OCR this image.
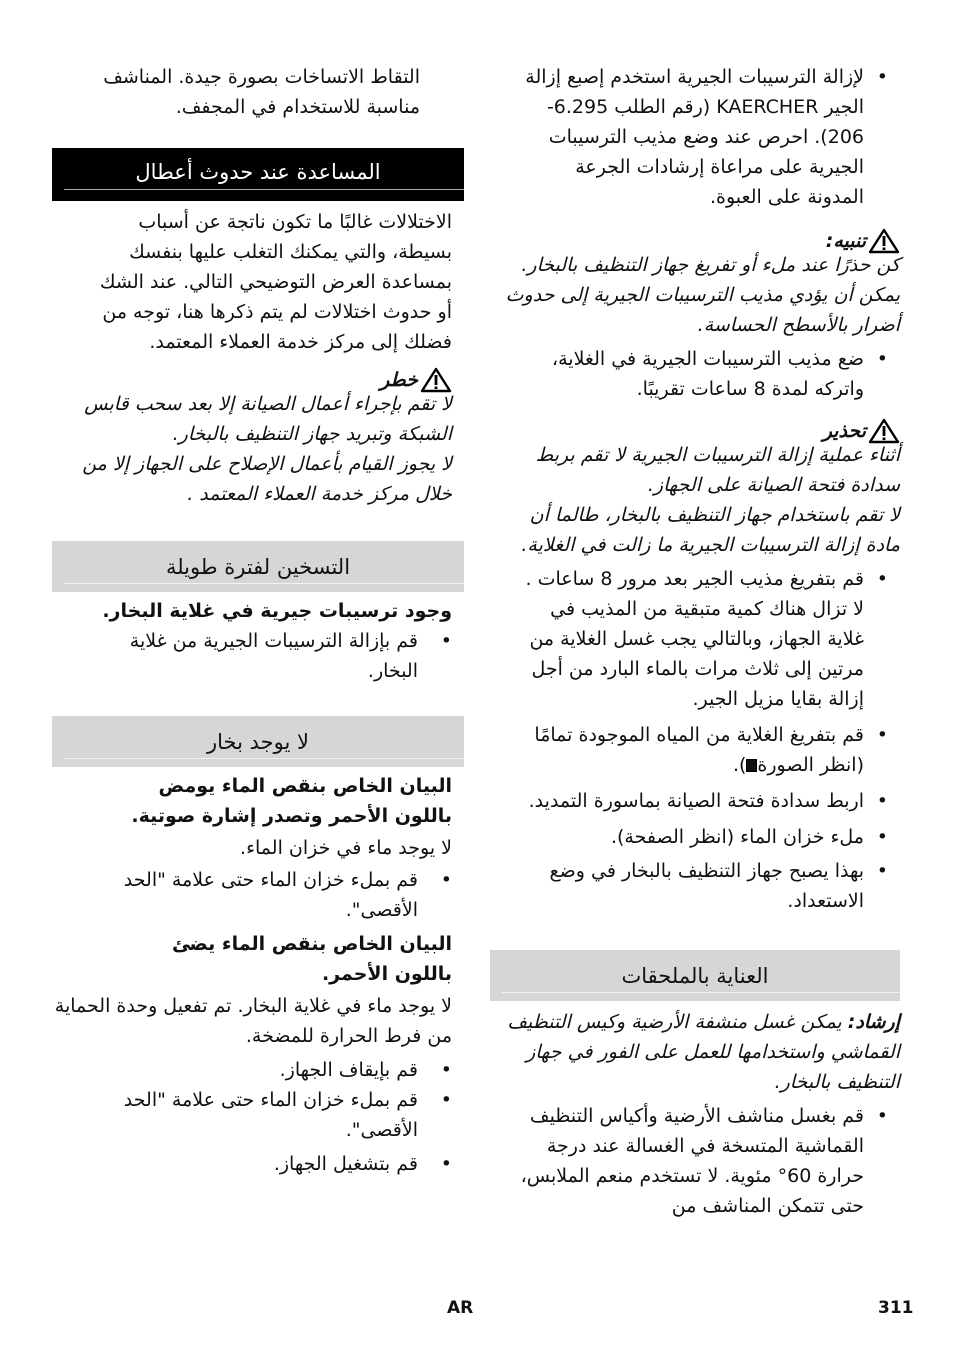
• لإزالة الترسيبات الجيرية استخدم إصبع إزالة الجير KAERCHER (رقم الطلب 6.295-206). احرص عند وضع مذيب الترسيبات الجيرية على مراعاة إرشادات الجرعة المدونة على العبوة.

تنبيه:

كن حذرًا عند ملء أو تفريغ جهاز التنظيف بالبخار. يمكن أن يؤدي مذيب الترسيبات الجيرية إلى حدوث أضرار بالأسطح الحساسة.

• ضع مذيب الترسيبات الجيرية في الغلاية، واتركه لمدة 8 ساعات تقريبًا.

تحذير

أثناء عملية إزالة الترسيبات الجيرية لا تقم بربط سدادة فتحة الصيانة على الجهاز.

لا تقم باستخدام جهاز التنظيف بالبخار، طالما أن مادة إزالة الترسيبات الجيرية ما زالت في الغلاية.

• قم بتفريغ مذيب الجير بعد مرور 8 ساعات . لا تزال هناك كمية متبقية من المذيب في غلاية الجهاز، وبالتالي يجب غسل الغلاية من مرتين إلى ثلاث مرات بالماء البارد من أجل إزالة بقايا مزيل الجير.

• قم بتفريغ الغلاية من المياه الموجودة تمامًا (انظر الصورة).

• اربط سدادة فتحة الصيانة بماسورة التمديد.

• ملء خزان الماء (انظر الصفحة).

• بهذا يصبح جهاز التنظيف بالبخار في وضع الاستعداد.

العناية بالملحقات

إرشاد: يمكن غسل منشفة الأرضية وكيس التنظيف القماشي واستخدامها للعمل على الفور في جهاز التنظيف بالبخار.

• قم بغسل مناشف الأرضية وأكياس التنظيف القماشية المتسخة في الغسالة عند درجة حرارة 60° مئوية. لا تستخدم منعم الملابس، حتى تتمكن المناشف من

التقاط الاتساخات بصورة جيدة. المناشف مناسبة للاستخدام في المجفف.

المساعدة عند حدوث أعطال

الاختلالات غالبًا ما تكون ناتجة عن أسباب بسيطة، والتي يمكنك التغلب عليها بنفسك بمساعدة العرض التوضيحي التالي. عند الشك أو حدوث اختلالات لم يتم ذكرها هنا، توجه من فضلك إلى مركز خدمة العملاء المعتمد.

خطر

لا تقم بإجراء أعمال الصيانة إلا بعد سحب قابس الشبكة وتبريد جهاز التنظيف بالبخار.

لا يجوز القيام بأعمال الإصلاح على الجهاز إلا من خلال مركز خدمة العملاء المعتمد .

التسخين لفترة طويلة

وجود ترسيبات جيرية في غلاية البخار.

• قم بإزالة الترسيبات الجيرية من غلاية البخار.

لا يوجد بخار

البيان الخاص بنقص الماء يومض باللون الأحمر وتصدر إشارة صوتية.

لا يوجد ماء في خزان الماء.

• قم بملء خزان الماء حتى علامة "الحد الأقصى".

البيان الخاص بنقص الماء يضئ باللون الأحمر.

لا يوجد ماء في غلاية البخار. تم تفعيل وحدة الحماية من فرط الحرارة للمضخة.

• قم بإيقاف الجهاز.

• قم بملء خزان الماء حتى علامة "الحد الأقصى".

• قم بتشغيل الجهاز.

AR	311
